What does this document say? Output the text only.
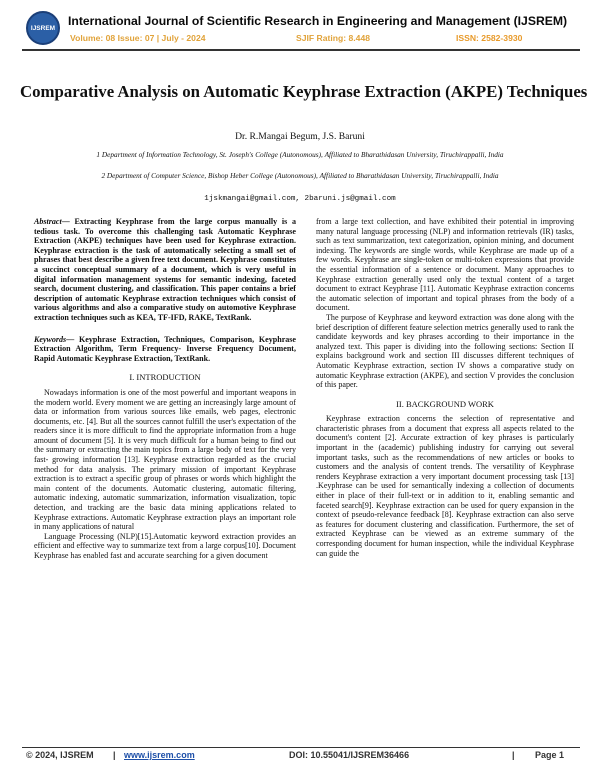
IJSREM International Journal of Scientific Research in Engineering and Management (IJSREM)
Volume: 08 Issue: 07 | July - 2024	SJIF Rating: 8.448	ISSN: 2582-3930
Comparative Analysis on Automatic Keyphrase Extraction (AKPE) Techniques
Dr. R.Mangai Begum, J.S. Baruni
1 Department of Information Technology, St. Joseph's College (Autonomous), Affiliated to Bharathidasan University, Tiruchirappalli, India
2 Department of Computer Science, Bishop Heber College (Autonomous), Affiliated to Bharathidasan University, Tiruchirappalli, India
1jskmangai@gmail.com, 2baruni.js@gmail.com

Abstract— Extracting Keyphrase from the large corpus manually is a tedious task. To overcome this challenging task Automatic Keyphrase Extraction (AKPE) techniques have been used for Keyphrase extraction. Keyphrase extraction is the task of automatically selecting a small set of phrases that best describe a given free text document. Keyphrase constitutes a succinct conceptual summary of a document, which is very useful in digital information management systems for semantic indexing, faceted search, document clustering, and classification. This paper contains a brief description of automatic Keyphrase extraction techniques which consist of various algorithms and also a comparative study on automotive Keyphrase extraction techniques such as KEA, TF-IFD, RAKE, TextRank.

Keywords— Keyphrase Extraction, Techniques, Comparison, Keyphrase Extraction Algorithm, Term Frequency- Inverse Frequency Document, Rapid Automatic Keyphrase Extraction, TextRank.

I. INTRODUCTION

Nowadays information is one of the most powerful and important weapons in the modern world. Every moment we are getting an increasingly large amount of data or information from various sources like emails, web pages, electronic documents, etc. [4]. But all the sources cannot fulfill the user's expectation of the readers since it is more difficult to find the appropriate information from a huge amount of document [5]. It is very much difficult for a human being to find out the summary or extracting the main topics from a large body of text for the very fast- growing information [13]. Keyphrase extraction regarded as the crucial method for data analysis. The primary mission of important Keyphrase extraction is to extract a specific group of phrases or words which highlight the main content of the documents. Automatic clustering, automatic filtering, automatic indexing, automatic summarization, information visualization, topic detection, and tracking are the basic data mining applications related to Keyphrase extractions. Automatic Keyphrase extraction plays an important role in many applications of natural

Language Processing (NLP)[15].Automatic keyword extraction provides an efficient and effective way to summarize text from a large corpus[10]. Document Keyphrase has enabled fast and accurate searching for a given document

from a large text collection, and have exhibited their potential in improving many natural language processing (NLP) and information retrievals (IR) tasks, such as text summarization, text categorization, opinion mining, and document indexing. The keywords are single words, while Keyphrase are made up of a few words. Keyphrase are single-token or multi-token expressions that provide the essential information of a sentence or document. Many approaches to Keyphrase extraction generally used only the textual content of a target document to extract Keyphrase [11]. Automatic Keyphrase extraction concerns the automatic selection of important and topical phrases from the body of a document.

The purpose of Keyphrase and keyword extraction was done along with the brief description of different feature selection metrics generally used to rank the candidate keywords and key phrases according to their importance in the analyzed text. This paper is dividing into the following sections: Section II explains background work and section III discusses different techniques of Automatic Keyphrase extraction, section IV shows a comparative study on automatic Keyphrase extraction (AKPE), and section V provides the conclusion of this paper.

II. BACKGROUND WORK

Keyphrase extraction concerns the selection of representative and characteristic phrases from a document that express all aspects related to the document's content [2]. Accurate extraction of key phrases is particularly important in the (academic) publishing industry for carrying out several important tasks, such as the recommendations of new articles or books to customers and the analysis of content trends. The versatility of Keyphrase renders Keyphrase extraction a very important document processing task [13] .Keyphrase can be used for semantically indexing a collection of documents either in place of their full-text or in addition to it, enabling semantic and faceted search[9]. Keyphrase extraction can be used for query expansion in the context of pseudo-relevance feedback [8]. Keyphrase extraction can also serve as features for document clustering and classification. Furthermore, the set of extracted Keyphrase can be viewed as an extreme summary of the corresponding document for human inspection, while the individual Keyphrase can guide the

© 2024, IJSREM | www.ijsrem.com	DOI: 10.55041/IJSREM36466	| Page 1
